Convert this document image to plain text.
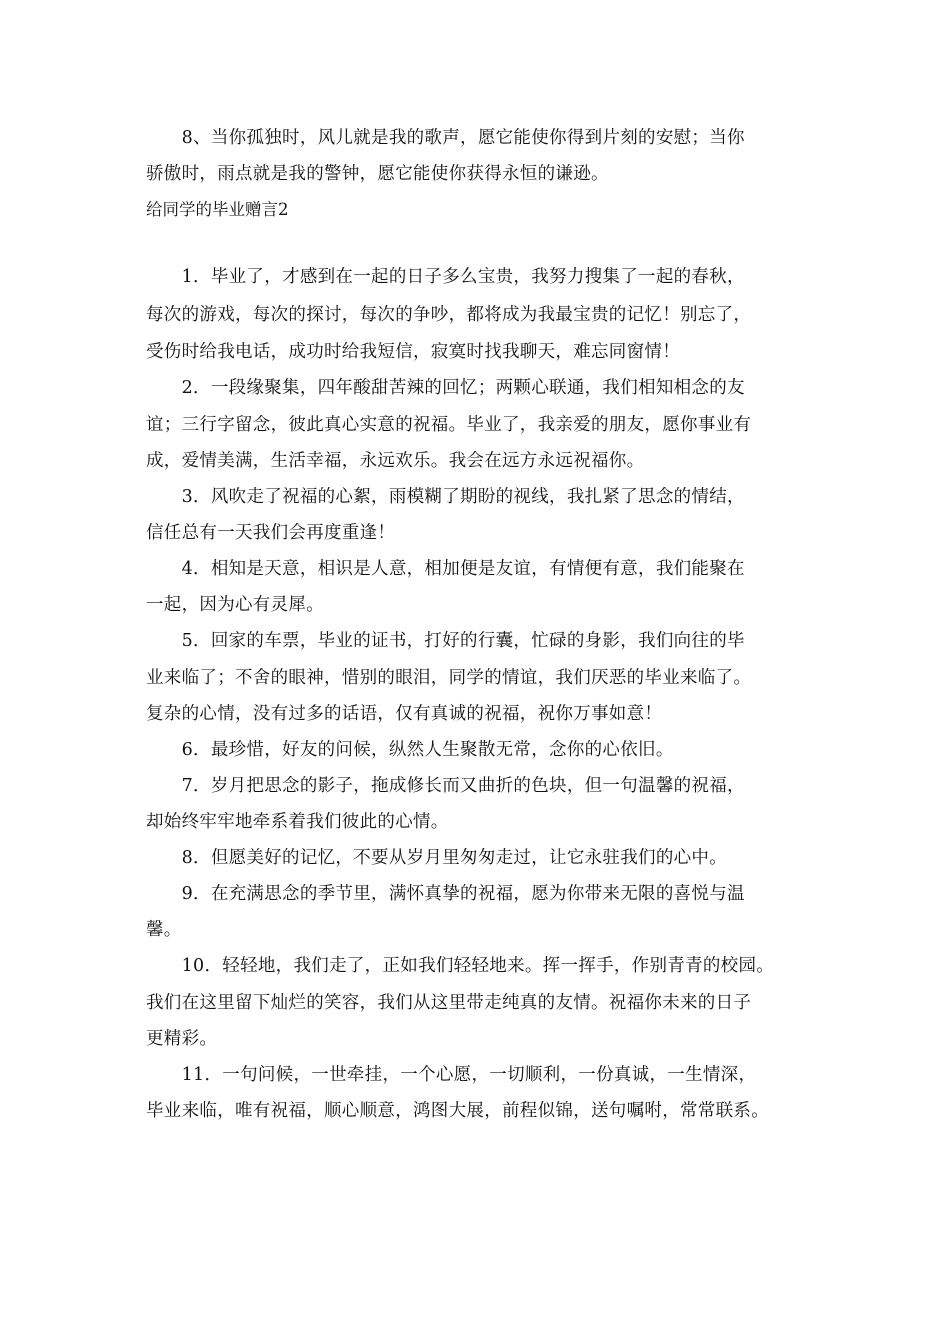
　　8、当你孤独时，风儿就是我的歌声，愿它能使你得到片刻的安慰；当你
骄傲时，雨点就是我的警钟，愿它能使你获得永恒的谦逊。
给同学的毕业赠言2
　　1．毕业了，才感到在一起的日子多么宝贵，我努力搜集了一起的春秋，
每次的游戏，每次的探讨，每次的争吵，都将成为我最宝贵的记忆！别忘了，
受伤时给我电话，成功时给我短信，寂寞时找我聊天，难忘同窗情！
　　2．一段缘聚集，四年酸甜苦辣的回忆；两颗心联通，我们相知相念的友
谊；三行字留念，彼此真心实意的祝福。毕业了，我亲爱的朋友，愿你事业有
成，爱情美满，生活幸福，永远欢乐。我会在远方永远祝福你。
　　3．风吹走了祝福的心絮，雨模糊了期盼的视线，我扎紧了思念的情结，
信任总有一天我们会再度重逢！
　　4．相知是天意，相识是人意，相加便是友谊，有情便有意，我们能聚在
一起，因为心有灵犀。
　　5．回家的车票，毕业的证书，打好的行囊，忙碌的身影，我们向往的毕
业来临了；不舍的眼神，惜别的眼泪，同学的情谊，我们厌恶的毕业来临了。
复杂的心情，没有过多的话语，仅有真诚的祝福，祝你万事如意！
　　6．最珍惜，好友的问候，纵然人生聚散无常，念你的心依旧。
　　7．岁月把思念的影子，拖成修长而又曲折的色块，但一句温馨的祝福，
却始终牢牢地牵系着我们彼此的心情。
　　8．但愿美好的记忆，不要从岁月里匆匆走过，让它永驻我们的心中。
　　9．在充满思念的季节里，满怀真挚的祝福，愿为你带来无限的喜悦与温
馨。
　　10．轻轻地，我们走了，正如我们轻轻地来。挥一挥手，作别青青的校园。
我们在这里留下灿烂的笑容，我们从这里带走纯真的友情。祝福你未来的日子
更精彩。
　　11．一句问候，一世牵挂，一个心愿，一切顺利，一份真诚，一生情深，
毕业来临，唯有祝福，顺心顺意，鸿图大展，前程似锦，送句嘱咐，常常联系。
